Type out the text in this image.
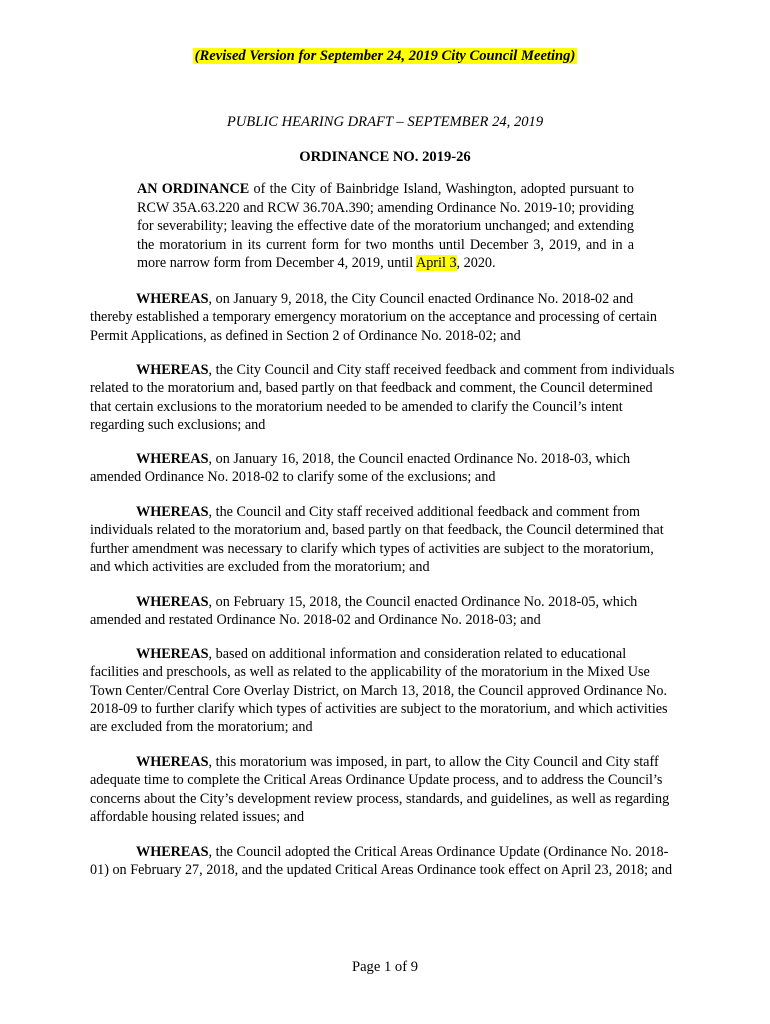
(Revised Version for September 24, 2019 City Council Meeting)
PUBLIC HEARING DRAFT – SEPTEMBER 24, 2019
ORDINANCE NO. 2019-26
AN ORDINANCE of the City of Bainbridge Island, Washington, adopted pursuant to RCW 35A.63.220 and RCW 36.70A.390; amending Ordinance No. 2019-10; providing for severability; leaving the effective date of the moratorium unchanged; and extending the moratorium in its current form for two months until December 3, 2019, and in a more narrow form from December 4, 2019, until April 3, 2020.
WHEREAS, on January 9, 2018, the City Council enacted Ordinance No. 2018-02 and thereby established a temporary emergency moratorium on the acceptance and processing of certain Permit Applications, as defined in Section 2 of Ordinance No. 2018-02; and
WHEREAS, the City Council and City staff received feedback and comment from individuals related to the moratorium and, based partly on that feedback and comment, the Council determined that certain exclusions to the moratorium needed to be amended to clarify the Council’s intent regarding such exclusions; and
WHEREAS, on January 16, 2018, the Council enacted Ordinance No. 2018-03, which amended Ordinance No. 2018-02 to clarify some of the exclusions; and
WHEREAS, the Council and City staff received additional feedback and comment from individuals related to the moratorium and, based partly on that feedback, the Council determined that further amendment was necessary to clarify which types of activities are subject to the moratorium, and which activities are excluded from the moratorium; and
WHEREAS, on February 15, 2018, the Council enacted Ordinance No. 2018-05, which amended and restated Ordinance No. 2018-02 and Ordinance No. 2018-03; and
WHEREAS, based on additional information and consideration related to educational facilities and preschools, as well as related to the applicability of the moratorium in the Mixed Use Town Center/Central Core Overlay District, on March 13, 2018, the Council approved Ordinance No. 2018-09 to further clarify which types of activities are subject to the moratorium, and which activities are excluded from the moratorium; and
WHEREAS, this moratorium was imposed, in part, to allow the City Council and City staff adequate time to complete the Critical Areas Ordinance Update process, and to address the Council’s concerns about the City’s development review process, standards, and guidelines, as well as regarding affordable housing related issues; and
WHEREAS, the Council adopted the Critical Areas Ordinance Update (Ordinance No. 2018-01) on February 27, 2018, and the updated Critical Areas Ordinance took effect on April 23, 2018; and
Page 1 of 9
